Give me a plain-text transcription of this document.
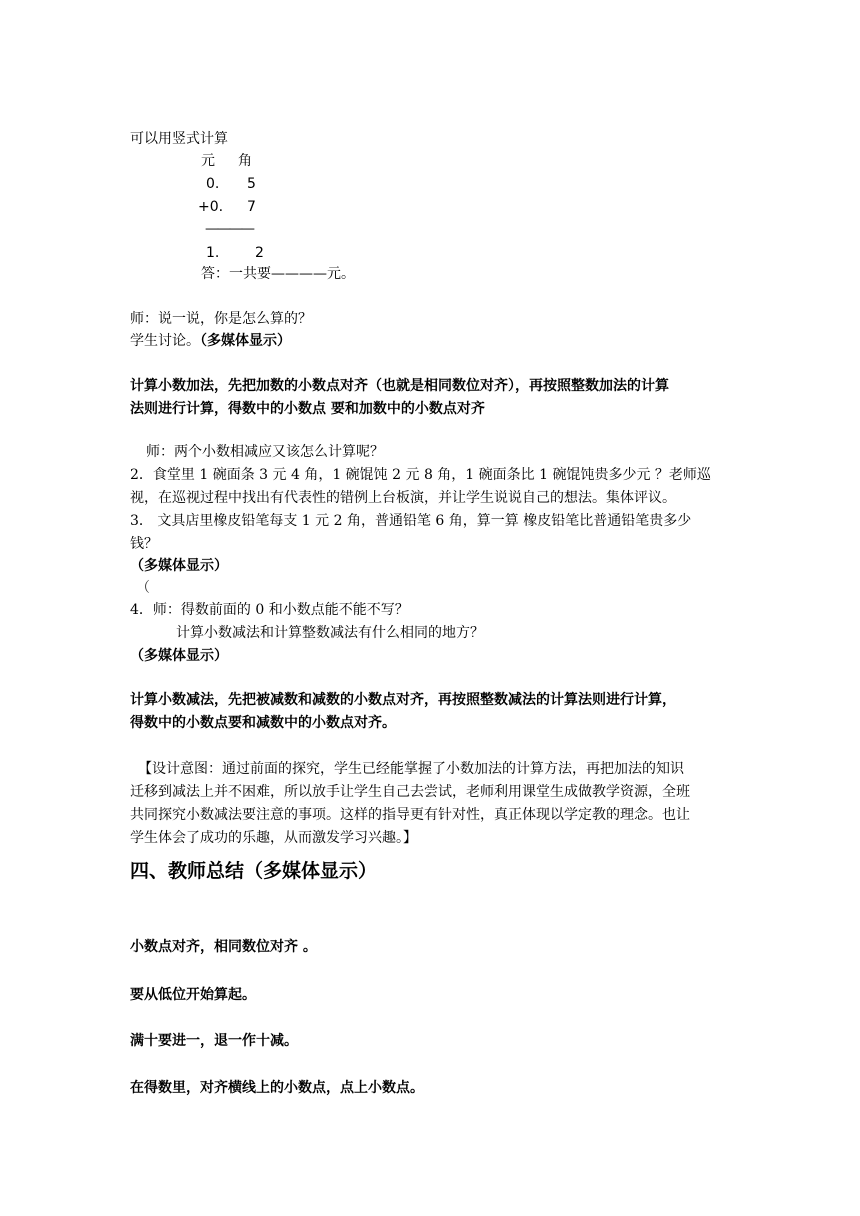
可以用竖式计算
元 角
0. 5
+0. 7
————
1.	2
答：一共要————元。
师：说一说，你是怎么算的？
学生讨论。（多媒体显示）
计算小数加法，先把加数的小数点对齐（也就是相同数位对齐），再按照整数加法的计算
法则进行计算，得数中的小数点 要和加数中的小数点对齐
师：两个小数相减应又该怎么计算呢？
2．食堂里 1 碗面条 3 元 4 角，1 碗馄饨 2 元 8 角，1 碗面条比 1 碗馄饨贵多少元 ？老师巡
视，在巡视过程中找出有代表性的错例上台板演，并让学生说说自己的想法。集体评议。
3． 文具店里橡皮铅笔每支 1 元 2 角，普通铅笔 6 角，算一算 橡皮铅笔比普通铅笔贵多少
钱？
（多媒体显示）
（
4．师：得数前面的 0 和小数点能不能不写？
计算小数减法和计算整数减法有什么相同的地方？
（多媒体显示）
计算小数减法，先把被减数和减数的小数点对齐，再按照整数减法的计算法则进行计算，
得数中的小数点要和减数中的小数点对齐。
【设计意图：通过前面的探究，学生已经能掌握了小数加法的计算方法，再把加法的知识
迁移到减法上并不困难，所以放手让学生自己去尝试，老师利用课堂生成做教学资源，全班
共同探究小数减法要注意的事项。这样的指导更有针对性，真正体现以学定教的理念。也让
学生体会了成功的乐趣，从而激发学习兴趣。】
四、教师总结（多媒体显示）
小数点对齐，相同数位对齐 。
要从低位开始算起。
满十要进一，退一作十减。
在得数里，对齐横线上的小数点，点上小数点。
